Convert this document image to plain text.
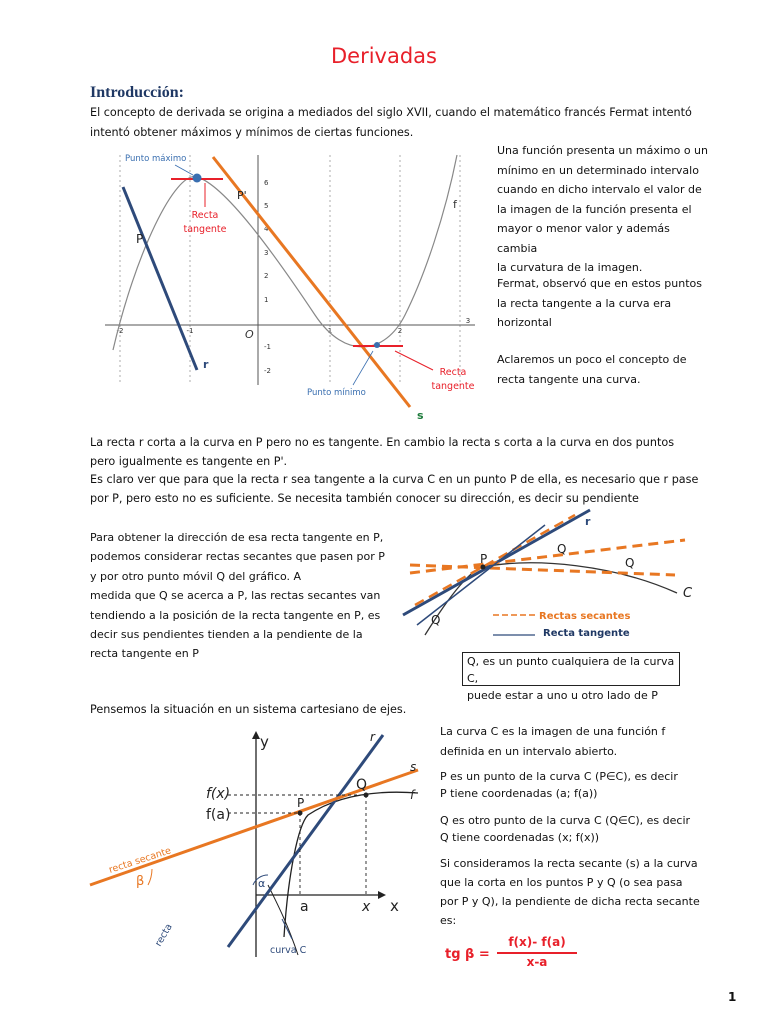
Derivadas
Introducción:
El concepto de derivada se origina a mediados del siglo XVII, cuando el matemático francés Fermat intentó
intentó obtener máximos y mínimos de ciertas funciones.
-2	-1	1	2
3
6
5
4
3
2
1
-1
-2
O
Punto máximo
Recta
tangente
P
P'
r
s
f
Punto mínimo
Recta
tangente
Una función presenta un máximo o un
mínimo en un determinado intervalo
cuando en dicho intervalo el valor de
la imagen de la función presenta el
mayor o menor valor y además cambia
la curvatura de la imagen.
Fermat, observó que en estos puntos
la recta tangente a la curva era
horizontal
Aclaremos un poco el concepto de
recta tangente una curva.
La recta r corta a la curva en P pero no es tangente. En cambio la recta s corta a la curva en dos puntos
pero igualmente es tangente en P'.
Es claro ver que para que la recta r sea tangente a la curva C en un punto P de ella, es necesario que r pase
por P, pero esto no es suficiente. Se necesita también conocer su dirección, es decir su pendiente
Para obtener la dirección de esa recta tangente en P,
podemos considerar rectas secantes que pasen por P
y por otro punto móvil Q del gráfico. A
medida que Q se acerca a P, las rectas secantes van
tendiendo a la posición de la recta tangente en P, es
decir sus pendientes tienden a la pendiente de la
recta tangente en P
r
P
Q
Q
Q
C
Rectas secantes
Recta tangente
Q, es un punto cualquiera de la curva C,
puede estar a uno u otro lado de P
Pensemos la situación en un sistema cartesiano de ejes.
y
x
f(x)
f(a)
P
Q
a	x
r
s
f
α
β
recta secante
recta
curva C
La curva C es la imagen de una función f
definida en un intervalo abierto.
P es un punto de la curva C (P∈C), es decir
P tiene coordenadas (a; f(a))
Q es otro punto de la curva C (Q∈C), es decir
Q tiene coordenadas (x; f(x))
Si consideramos la recta secante (s) a la curva
que la corta en los puntos P y Q (o sea pasa
por P y Q), la pendiente de dicha recta secante
es:
tg β =
f(x)- f(a)
x-a
1
